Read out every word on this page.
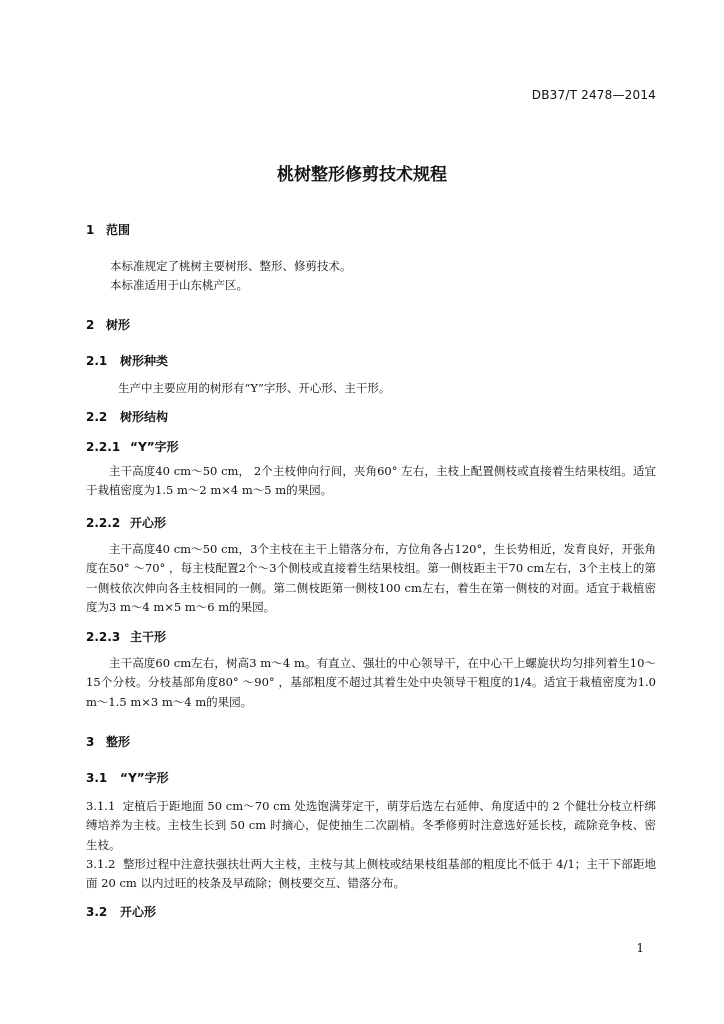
DB37/T 2478—2014
桃树整形修剪技术规程
1 范围
本标准规定了桃树主要树形、整形、修剪技术。
本标准适用于山东桃产区。
2 树形
2.1 树形种类
生产中主要应用的树形有“Y”字形、开心形、主干形。
2.2 树形结构
2.2.1 “Y”字形
主干高度40 cm～50 cm， 2个主枝伸向行间，夹角60° 左右，主枝上配置侧枝或直接着生结果枝组。适宜于栽植密度为1.5 m～2 m×4 m～5 m的果园。
2.2.2 开心形
主干高度40 cm～50 cm，3个主枝在主干上错落分布，方位角各占120°，生长势相近，发育良好，开张角度在50° ～70° ，每主枝配置2个～3个侧枝或直接着生结果枝组。第一侧枝距主干70 cm左右，3个主枝上的第一侧枝依次伸向各主枝相同的一侧。第二侧枝距第一侧枝100 cm左右，着生在第一侧枝的对面。适宜于栽植密度为3 m～4 m×5 m～6 m的果园。
2.2.3 主干形
主干高度60 cm左右，树高3 m～4 m。有直立、强壮的中心领导干，在中心干上螺旋状均匀排列着生10～15个分枝。分枝基部角度80° ～90° ，基部粗度不超过其着生处中央领导干粗度的1/4。适宜于栽植密度为1.0 m～1.5 m×3 m～4 m的果园。
3 整形
3.1 “Y”字形
3.1.1 定植后于距地面 50 cm～70 cm 处选饱满芽定干，萌芽后选左右延伸、角度适中的 2 个健壮分枝立杆绑缚培养为主枝。主枝生长到 50 cm 时摘心，促使抽生二次副梢。冬季修剪时注意选好延长枝，疏除竞争枝、密生枝。
3.1.2 整形过程中注意扶强扶壮两大主枝，主枝与其上侧枝或结果枝组基部的粗度比不低于 4/1；主干下部距地面 20 cm 以内过旺的枝条及早疏除；侧枝要交互、错落分布。
3.2 开心形
1
